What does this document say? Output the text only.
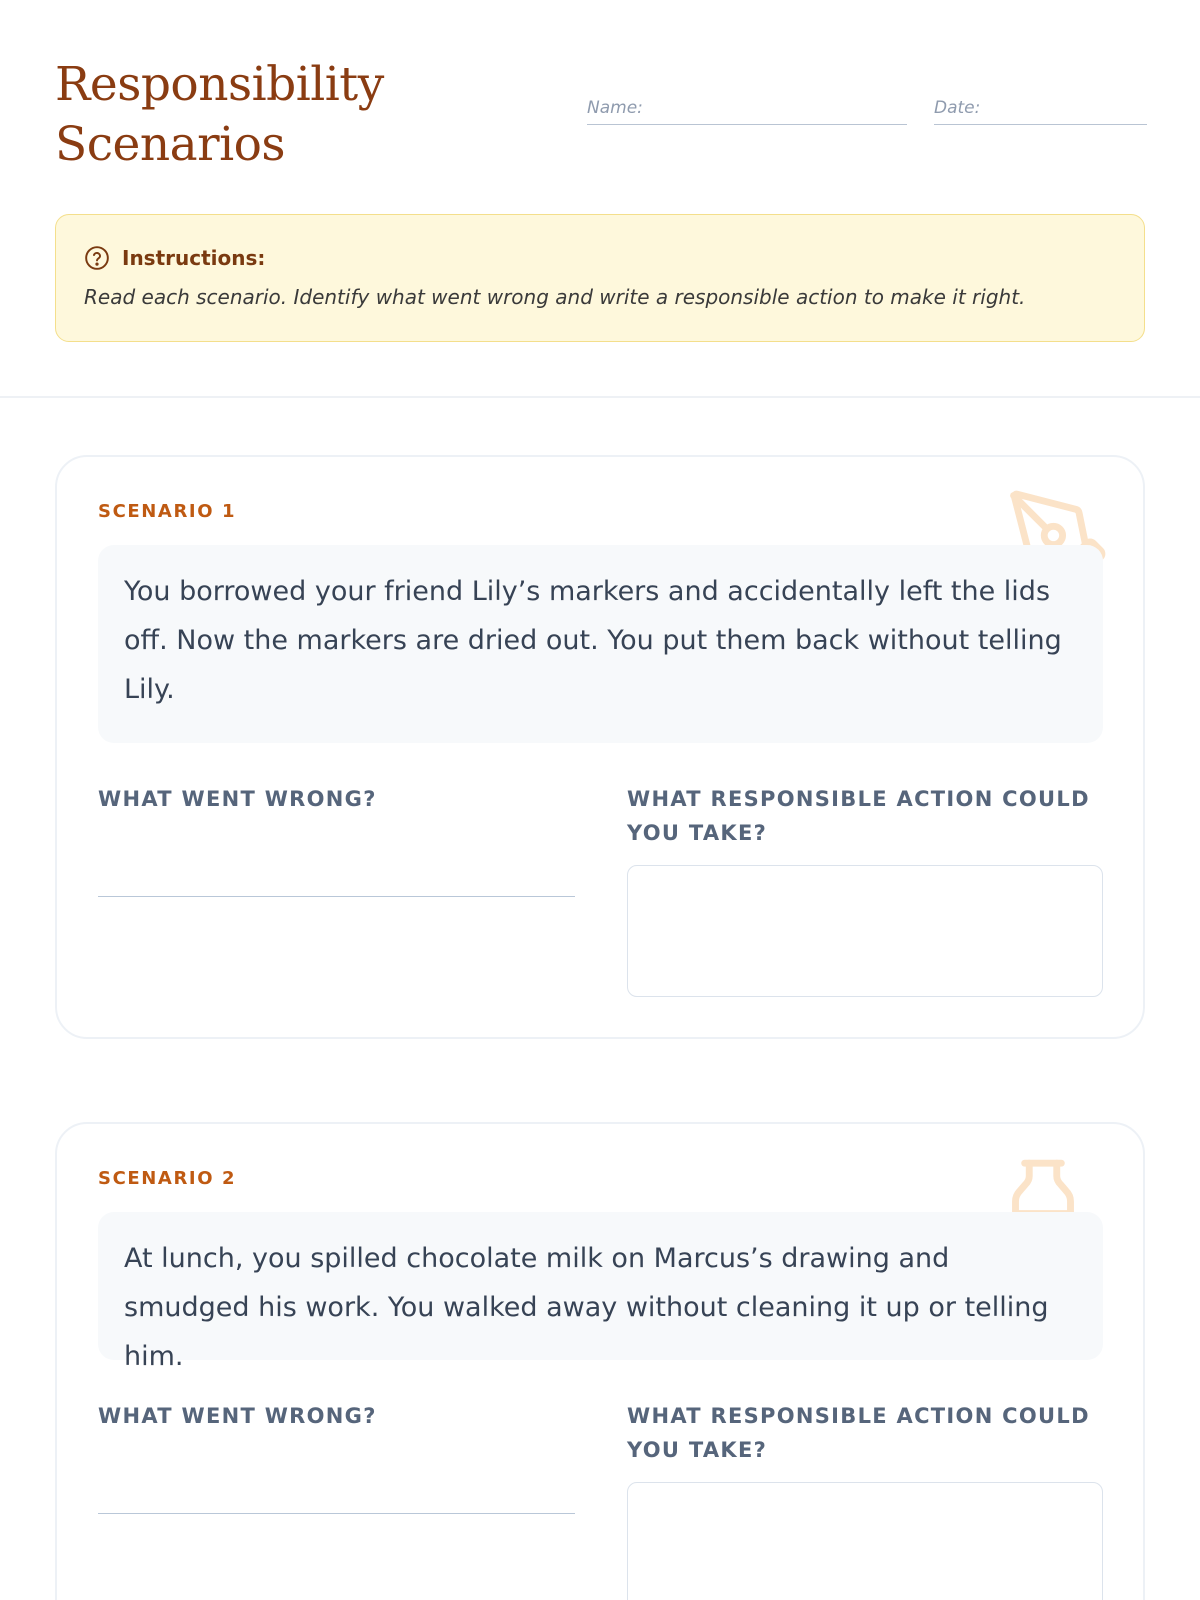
Responsibility
Scenarios
Name:	Date:
Instructions:
Read each scenario. Identify what went wrong and write a responsible action to make it right.
SCENARIO 1
You borrowed your friend Lily’s markers and accidentally left the lids off. Now the markers are dried out. You put them back without telling Lily.
WHAT WENT WRONG?	WHAT RESPONSIBLE ACTION COULD YOU TAKE?
SCENARIO 2
At lunch, you spilled chocolate milk on Marcus’s drawing and smudged his work. You walked away without cleaning it up or telling him.
WHAT WENT WRONG?	WHAT RESPONSIBLE ACTION COULD YOU TAKE?
